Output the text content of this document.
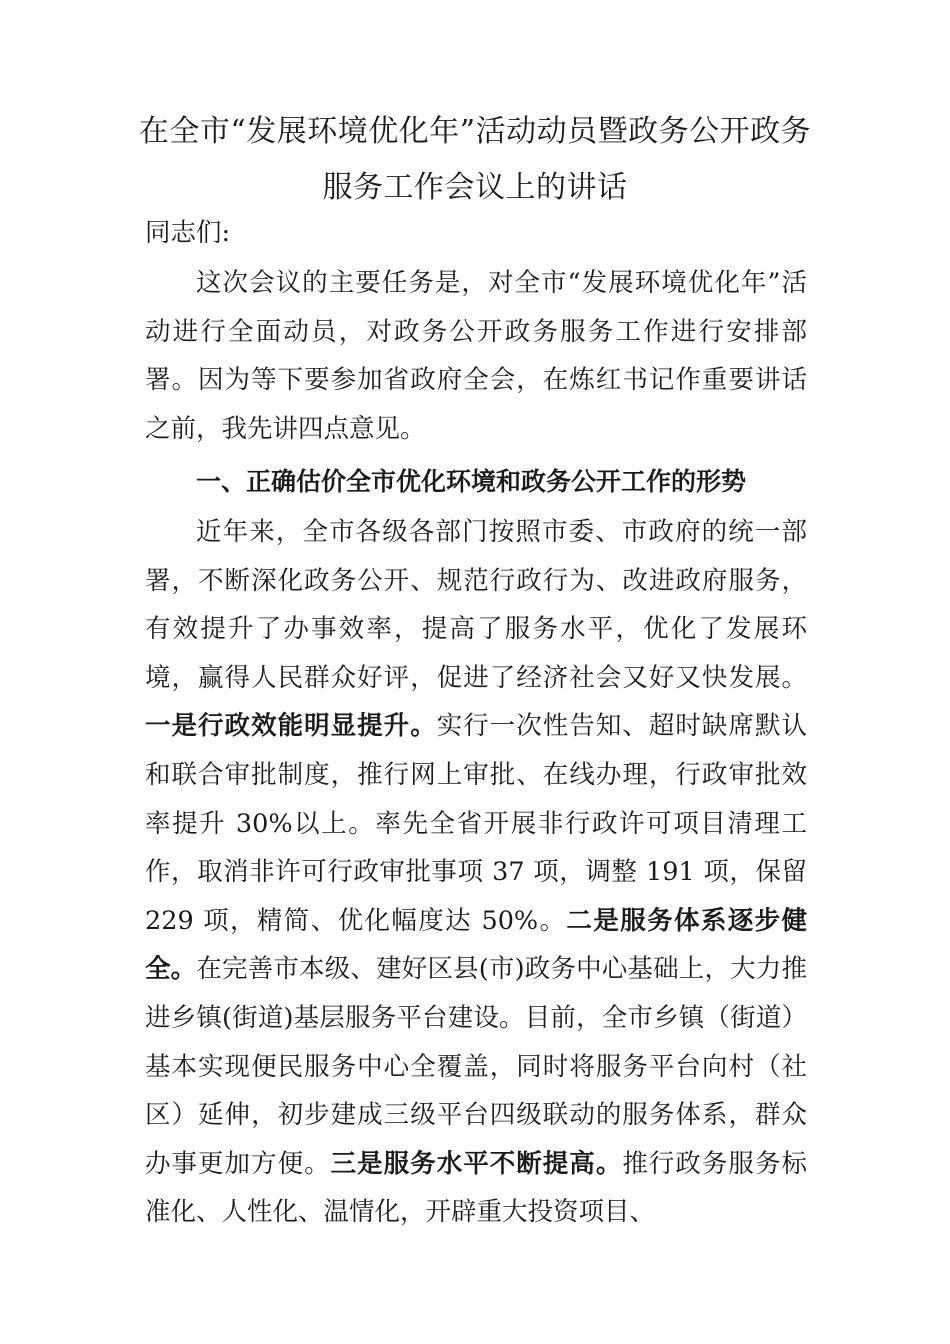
在全市“发展环境优化年”活动动员暨政务公开政务
服务工作会议上的讲话

同志们:

这次会议的主要任务是，对全市“发展环境优化年”活动进行全面动员，对政务公开政务服务工作进行安排部署。因为等下要参加省政府全会，在炼红书记作重要讲话之前，我先讲四点意见。

一、正确估价全市优化环境和政务公开工作的形势

近年来，全市各级各部门按照市委、市政府的统一部署，不断深化政务公开、规范行政行为、改进政府服务，有效提升了办事效率，提高了服务水平，优化了发展环境，赢得人民群众好评，促进了经济社会又好又快发展。一是行政效能明显提升。实行一次性告知、超时缺席默认和联合审批制度，推行网上审批、在线办理，行政审批效率提升 30%以上。率先全省开展非行政许可项目清理工作，取消非许可行政审批事项 37 项，调整 191 项，保留 229 项，精简、优化幅度达 50%。二是服务体系逐步健全。在完善市本级、建好区县(市)政务中心基础上，大力推进乡镇(街道)基层服务平台建设。目前，全市乡镇（街道）基本实现便民服务中心全覆盖，同时将服务平台向村（社区）延伸，初步建成三级平台四级联动的服务体系，群众办事更加方便。三是服务水平不断提高。推行政务服务标准化、人性化、温情化，开辟重大投资项目、
